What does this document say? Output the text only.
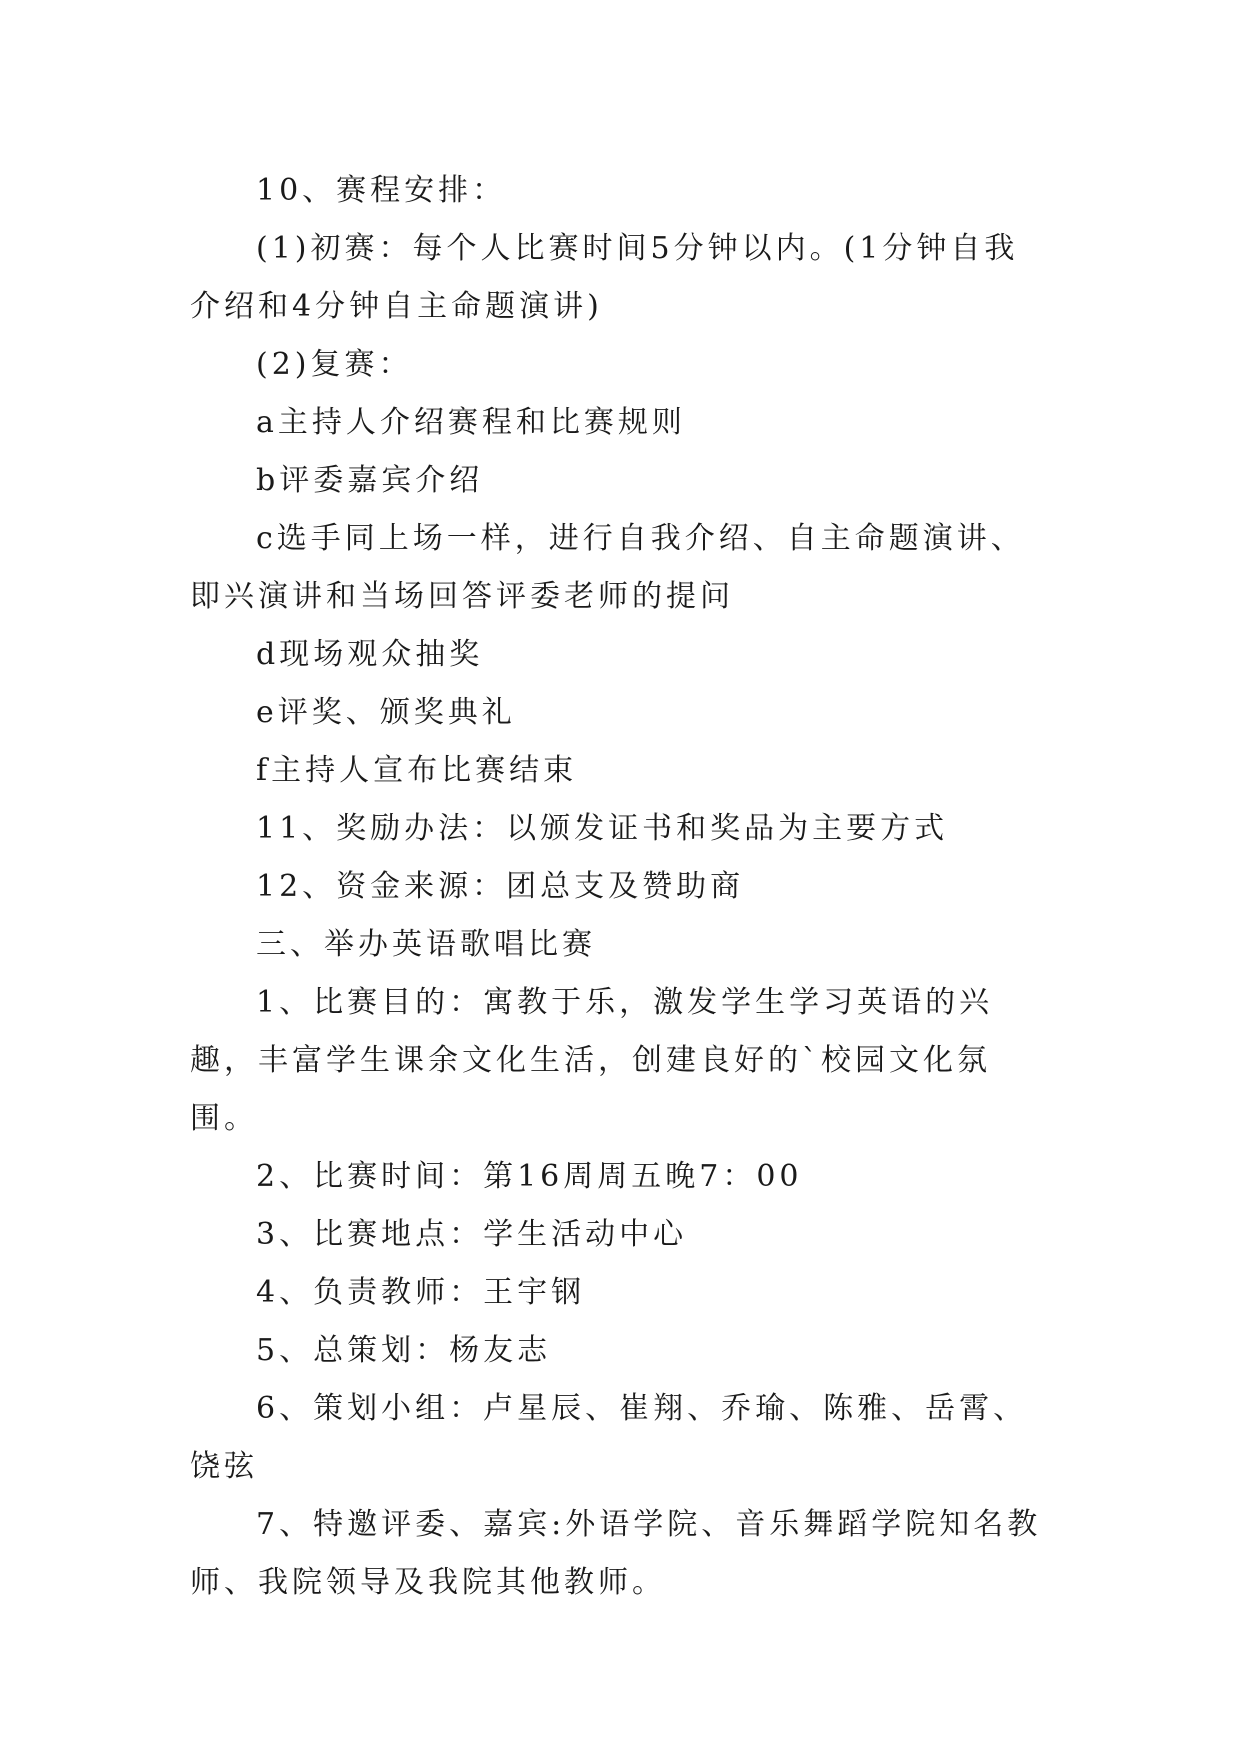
10、赛程安排：

(1)初赛：每个人比赛时间5分钟以内。(1分钟自我介绍和4分钟自主命题演讲)

(2)复赛：

a主持人介绍赛程和比赛规则

b评委嘉宾介绍

c选手同上场一样，进行自我介绍、自主命题演讲、即兴演讲和当场回答评委老师的提问

d现场观众抽奖

e评奖、颁奖典礼

f主持人宣布比赛结束

11、奖励办法：以颁发证书和奖品为主要方式

12、资金来源：团总支及赞助商

三、举办英语歌唱比赛

1、比赛目的：寓教于乐，激发学生学习英语的兴趣，丰富学生课余文化生活，创建良好的`校园文化氛围。

2、比赛时间：第16周周五晚7：00

3、比赛地点：学生活动中心

4、负责教师：王宇钢

5、总策划：杨友志

6、策划小组：卢星辰、崔翔、乔瑜、陈雅、岳霄、饶弦

7、特邀评委、嘉宾:外语学院、音乐舞蹈学院知名教师、我院领导及我院其他教师。
